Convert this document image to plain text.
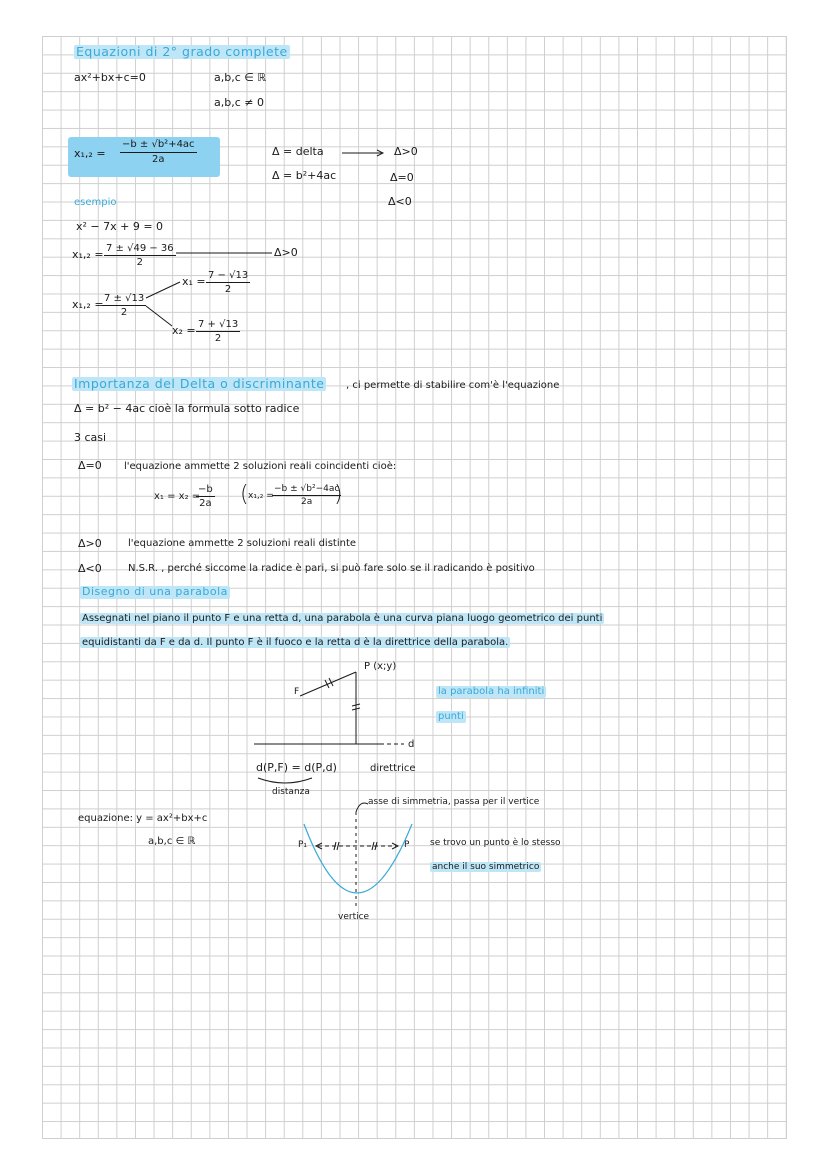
Equazioni di 2° grado complete
ax²+bx+c=0	a,b,c ∈ ℝ
a,b,c ≠ 0
$x_1,_2 = \frac{\text{−b ± √b²+4ac}}{2a}$	Δ = delta
Δ = b²+4ac
Δ>0
Δ=0
Δ<0
esempio
x² − 7x + 9 = 0
$x_1,_2 = \frac{7 \pm √49 - 36}{2}$	Δ>0
x₁,₂ =
$\frac{7 \pm √13}{2}$
$x_1 = \frac{7 - √13}{2}$
$x_2 = \frac{7 + √13}{2}$
Importanza del Delta o discriminante , ci permette di stabilire com'è l'equazione
Δ = b² − 4ac cioè la formula sotto radice
3 casi
Δ=0 l'equazione ammette 2 soluzioni reali coincidenti cioè:
x₁ = x₂ =
$\frac{-b}{2a}$ ( x₁,₂ =
$\frac{\text{−b ± √b²−4ac}}{2a}$
)
Δ>0	l'equazione ammette 2 soluzioni reali distinte
Δ<0	N.S.R. , perché siccome la radice è pari, si può fare solo se il radicando è positivo
Disegno di una parabola
Assegnati nel piano il punto F e una retta d, una parabola è una curva piana luogo geometrico dei punti
equidistanti da F e da d. Il punto F è il fuoco e la retta d è la direttrice della parabola.
P (x;y)
F
d
la parabola ha infiniti
punti
d(P,F) = d(P,d)	direttrice
distanza
equazione: y = ax²+bx+c
a,b,c ∈ ℝ
asse di simmetria, passa per il vertice
P₁	P
vertice
se trovo un punto è lo stesso
anche il suo simmetrico
